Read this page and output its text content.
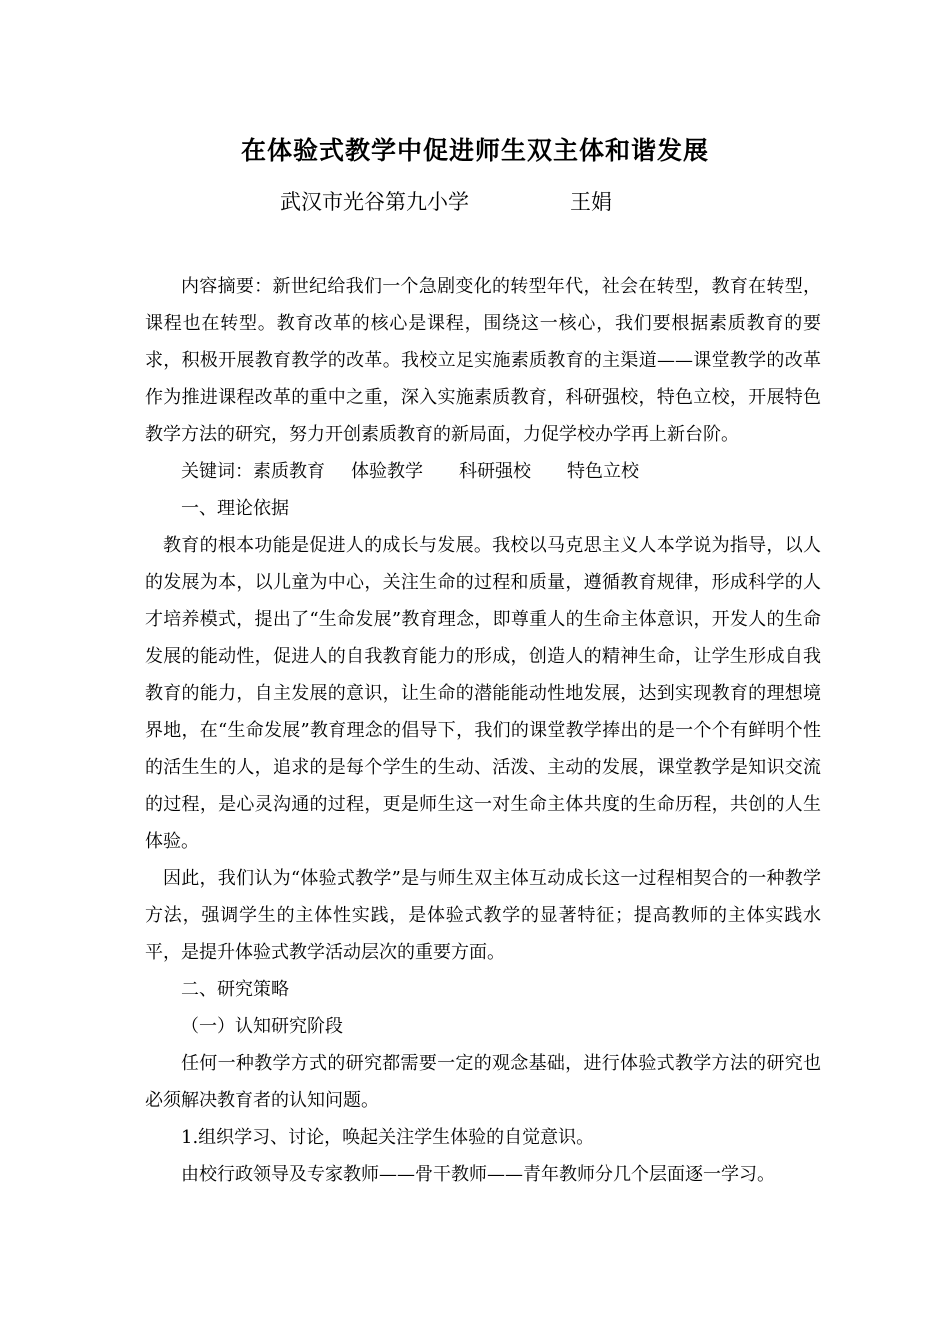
在体验式教学中促进师生双主体和谐发展
武汉市光谷第九小学	王娟

内容摘要：新世纪给我们一个急剧变化的转型年代，社会在转型，教育在转型，课程也在转型。教育改革的核心是课程，围绕这一核心，我们要根据素质教育的要求，积极开展教育教学的改革。我校立足实施素质教育的主渠道——课堂教学的改革作为推进课程改革的重中之重，深入实施素质教育，科研强校，特色立校，开展特色教学方法的研究，努力开创素质教育的新局面，力促学校办学再上新台阶。

关键词：素质教育 体验教学 科研强校 特色立校

一、理论依据

教育的根本功能是促进人的成长与发展。我校以马克思主义人本学说为指导，以人的发展为本，以儿童为中心，关注生命的过程和质量，遵循教育规律，形成科学的人才培养模式，提出了“生命发展”教育理念，即尊重人的生命主体意识，开发人的生命发展的能动性，促进人的自我教育能力的形成，创造人的精神生命，让学生形成自我教育的能力，自主发展的意识，让生命的潜能能动性地发展，达到实现教育的理想境界地，在“生命发展”教育理念的倡导下，我们的课堂教学捧出的是一个个有鲜明个性的活生生的人，追求的是每个学生的生动、活泼、主动的发展，课堂教学是知识交流的过程，是心灵沟通的过程，更是师生这一对生命主体共度的生命历程，共创的人生体验。

因此，我们认为“体验式教学”是与师生双主体互动成长这一过程相契合的一种教学方法，强调学生的主体性实践，是体验式教学的显著特征；提高教师的主体实践水平，是提升体验式教学活动层次的重要方面。

二、研究策略

（一）认知研究阶段

任何一种教学方式的研究都需要一定的观念基础，进行体验式教学方法的研究也必须解决教育者的认知问题。

1.组织学习、讨论，唤起关注学生体验的自觉意识。

由校行政领导及专家教师——骨干教师——青年教师分几个层面逐一学习。
